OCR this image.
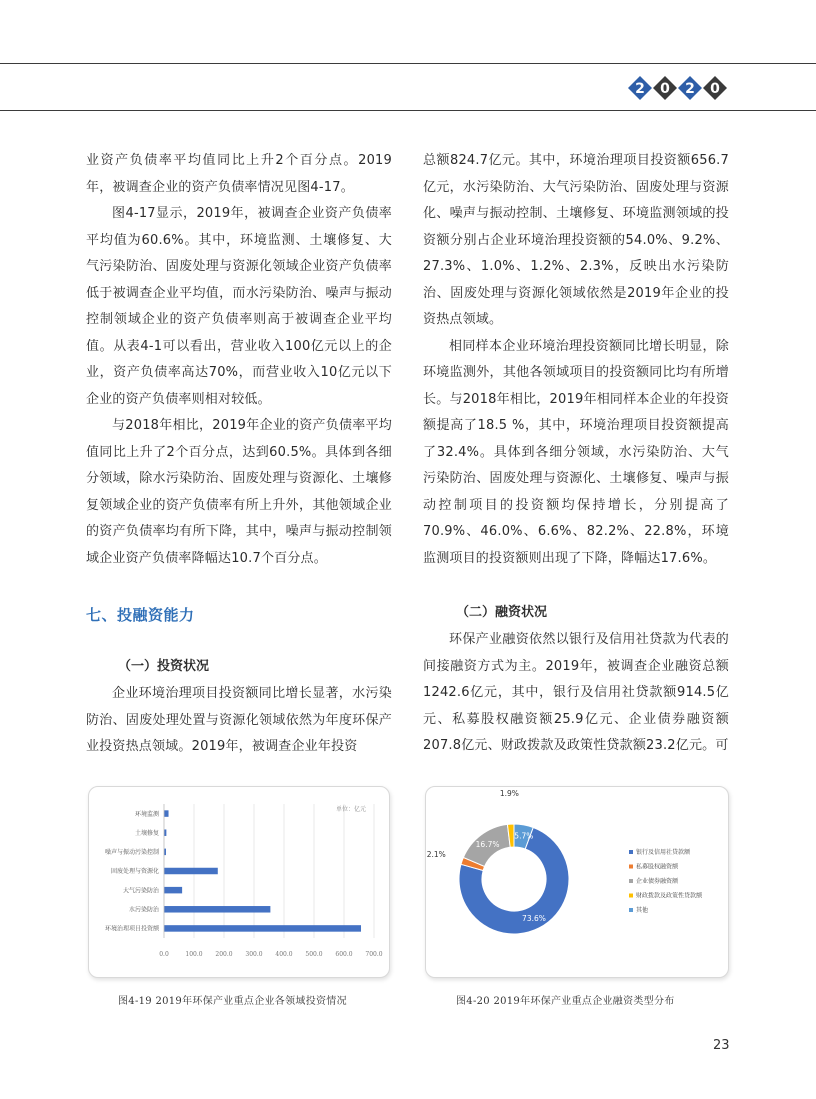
2 0 2 0

业资产负债率平均值同比上升2个百分点。2019年，被调查企业的资产负债率情况见图4-17。

图4-17显示，2019年，被调查企业资产负债率平均值为60.6%。其中，环境监测、土壤修复、大气污染防治、固废处理与资源化领域企业资产负债率低于被调查企业平均值，而水污染防治、噪声与振动控制领域企业的资产负债率则高于被调查企业平均值。从表4-1可以看出，营业收入100亿元以上的企业，资产负债率高达70%，而营业收入10亿元以下企业的资产负债率则相对较低。

与2018年相比，2019年企业的资产负债率平均值同比上升了2个百分点，达到60.5%。具体到各细分领域，除水污染防治、固废处理与资源化、土壤修复领域企业的资产负债率有所上升外，其他领域企业的资产负债率均有所下降，其中，噪声与振动控制领域企业资产负债率降幅达10.7个百分点。

总额824.7亿元。其中，环境治理项目投资额656.7亿元，水污染防治、大气污染防治、固废处理与资源化、噪声与振动控制、土壤修复、环境监测领域的投资额分别占企业环境治理投资额的54.0%、9.2%、27.3%、1.0%、1.2%、2.3%，反映出水污染防治、固废处理与资源化领域依然是2019年企业的投资热点领域。

相同样本企业环境治理投资额同比增长明显，除环境监测外，其他各领域项目的投资额同比均有所增长。与2018年相比，2019年相同样本企业的年投资额提高了18.5 %，其中，环境治理项目投资额提高了32.4%。具体到各细分领域，水污染防治、大气污染防治、固废处理与资源化、土壤修复、噪声与振动控制项目的投资额均保持增长，分别提高了70.9%、46.0%、6.6%、82.2%、22.8%，环境监测项目的投资额则出现了下降，降幅达17.6%。

七、投融资能力
（一）投资状况

企业环境治理项目投资额同比增长显著，水污染防治、固废处理处置与资源化领域依然为年度环保产业投资热点领域。2019年，被调查企业年投资

（二）融资状况

环保产业融资依然以银行及信用社贷款为代表的间接融资方式为主。2019年，被调查企业融资总额1242.6亿元，其中，银行及信用社贷款额914.5亿元、私募股权融资额25.9亿元、企业债券融资额207.8亿元、财政拨款及政策性贷款额23.2亿元。可

0.0	100.0 200.0 300.0 400.0 500.0 600.0 700.0
单位：亿元
环境监测
土壤修复
噪声与振动污染控制
固废处理与资源化
大气污染防治
水污染防治
环境治理项目投资额
73.6%
2.1%
16.7%
1.9%
5.7%
银行及信用社贷款额
私募股权融资额
企业债券融资额
财政拨款及政策性贷款额
其他
图4-19 2019年环保产业重点企业各领域投资情况	图4-20 2019年环保产业重点企业融资类型分布
23
